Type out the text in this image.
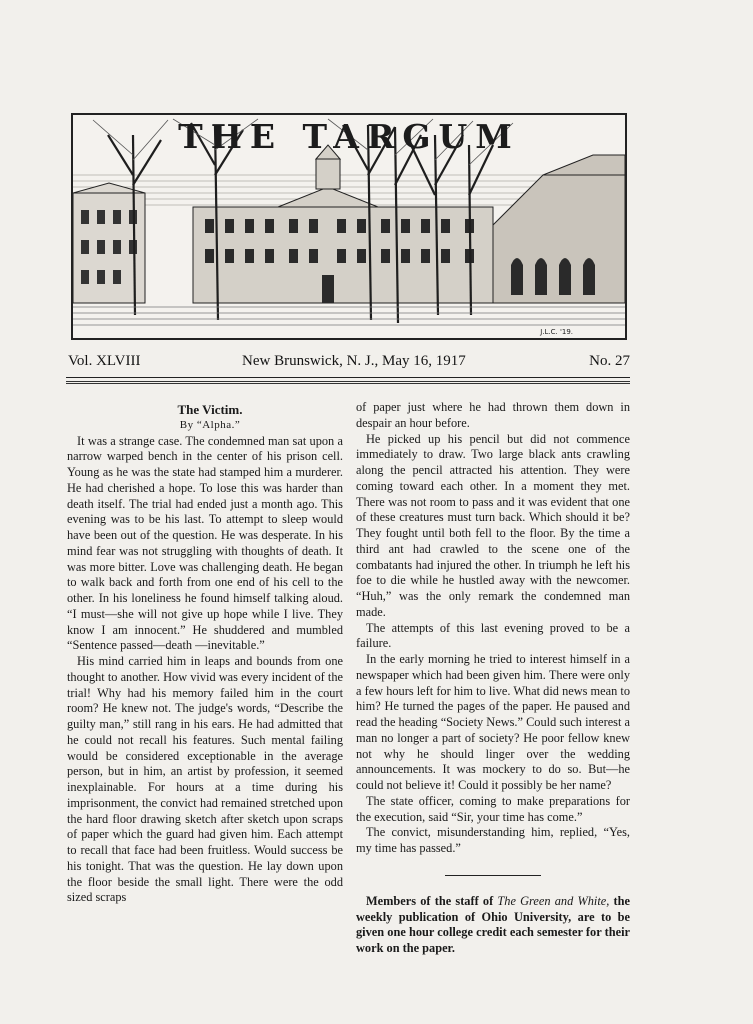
THE TARGUM
J.L.C. '19.
Vol. XLVIII	New Brunswick, N. J., May 16, 1917	No. 27

The Victim.

By “Alpha.”

It was a strange case. The condemned man sat upon a narrow warped bench in the center of his prison cell. Young as he was the state had stamped him a murderer. He had cherished a hope. To lose this was harder than death itself. The trial had ended just a month ago. This evening was to be his last. To attempt to sleep would have been out of the question. He was desperate. In his mind fear was not struggling with thoughts of death. It was more bitter. Love was challenging death. He began to walk back and forth from one end of his cell to the other. In his loneliness he found himself talking aloud. “I must—she will not give up hope while I live. They know I am innocent.” He shuddered and mumbled “Sentence passed—death —inevitable.”

His mind carried him in leaps and bounds from one thought to another. How vivid was every incident of the trial! Why had his memory failed him in the court room? He knew not. The judge's words, “Describe the guilty man,” still rang in his ears. He had admitted that he could not recall his features. Such mental failing would be considered exceptionable in the average person, but in him, an artist by profession, it seemed inexplainable. For hours at a time during his imprisonment, the convict had remained stretched upon the hard floor drawing sketch after sketch upon scraps of paper which the guard had given him. Each attempt to recall that face had been fruitless. Would success be his tonight. That was the question. He lay down upon the floor beside the small light. There were the odd sized scraps

of paper just where he had thrown them down in despair an hour before.

He picked up his pencil but did not commence immediately to draw. Two large black ants crawling along the pencil attracted his attention. They were coming toward each other. In a moment they met. There was not room to pass and it was evident that one of these creatures must turn back. Which should it be? They fought until both fell to the floor. By the time a third ant had crawled to the scene one of the combatants had injured the other. In triumph he left his foe to die while he hustled away with the newcomer. “Huh,” was the only remark the condemned man made.

The attempts of this last evening proved to be a failure.

In the early morning he tried to interest himself in a newspaper which had been given him. There were only a few hours left for him to live. What did news mean to him? He turned the pages of the paper. He paused and read the heading “Society News.” Could such interest a man no longer a part of society? He poor fellow knew not why he should linger over the wedding announcements. It was mockery to do so. But—he could not believe it! Could it possibly be her name?

The state officer, coming to make preparations for the execution, said “Sir, your time has come.”

The convict, misunderstanding him, replied, “Yes, my time has passed.”

Members of the staff of The Green and White, the weekly publication of Ohio University, are to be given one hour college credit each semester for their work on the paper.
